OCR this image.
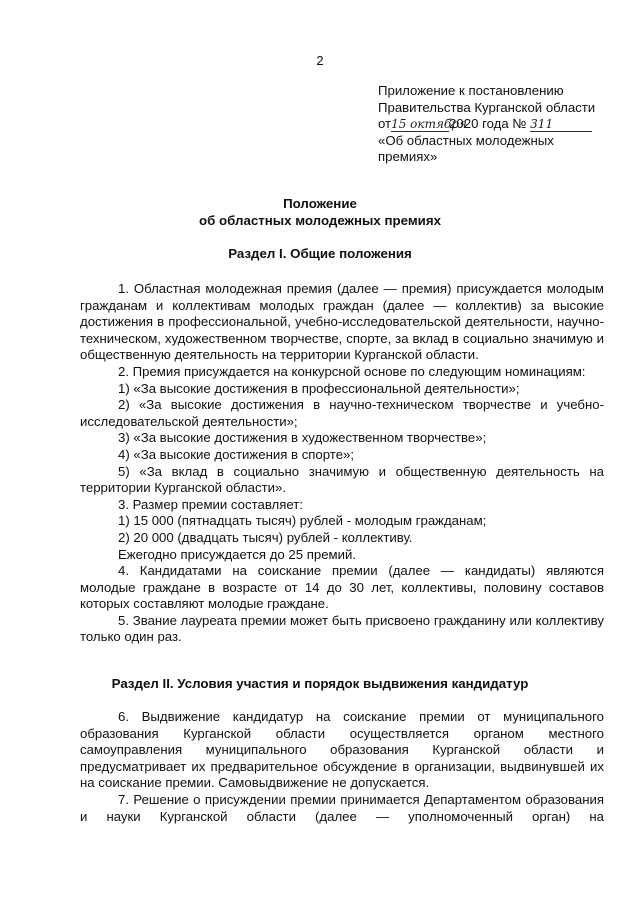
2
Приложение к постановлению
Правительства Курганской области
от15 октября2020 года № 311
«Об областных молодежных
премиях»
Положение
об областных молодежных премиях
Раздел I. Общие положения

1. Областная молодежная премия (далее — премия) присуждается молодым гражданам и коллективам молодых граждан (далее — коллектив) за высокие достижения в профессиональной, учебно-исследовательской деятельности, научно-техническом, художественном творчестве, спорте, за вклад в социально значимую и общественную деятельность на территории Курганской области.

2. Премия присуждается на конкурсной основе по следующим номинациям:

1) «За высокие достижения в профессиональной деятельности»;

2) «За высокие достижения в научно-техническом творчестве и учебно-исследовательской деятельности»;

3) «За высокие достижения в художественном творчестве»;

4) «За высокие достижения в спорте»;

5) «За вклад в социально значимую и общественную деятельность на территории Курганской области».

3. Размер премии составляет:

1) 15 000 (пятнадцать тысяч) рублей - молодым гражданам;

2) 20 000 (двадцать тысяч) рублей - коллективу.

Ежегодно присуждается до 25 премий.

4. Кандидатами на соискание премии (далее — кандидаты) являются молодые граждане в возрасте от 14 до 30 лет, коллективы, половину составов которых составляют молодые граждане.

5. Звание лауреата премии может быть присвоено гражданину или коллективу только один раз.

Раздел II. Условия участия и порядок выдвижения кандидатур

6. Выдвижение кандидатур на соискание премии от муниципального образования Курганской области осуществляется органом местного самоуправления муниципального образования Курганской области и предусматривает их предварительное обсуждение в организации, выдвинувшей их на соискание премии. Самовыдвижение не допускается.

7. Решение о присуждении премии принимается Департаментом образования и науки Курганской области (далее — уполномоченный орган) на
